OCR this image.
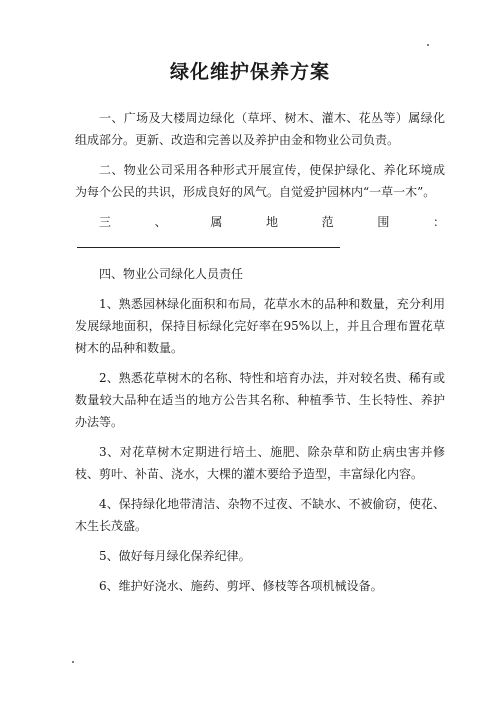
绿化维护保养方案

一、广场及大楼周边绿化（草坪、树木、灌木、花丛等）属绿化组成部分。更新、改造和完善以及养护由金和物业公司负责。

二、物业公司采用各种形式开展宣传，使保护绿化、养化环境成为每个公民的共识，形成良好的风气。自觉爱护园林内“一草一木”。

三、属地范围：

四、物业公司绿化人员责任

1、熟悉园林绿化面积和布局，花草水木的品种和数量，充分利用发展绿地面积，保持目标绿化完好率在95%以上，并且合理布置花草树木的品种和数量。

2、熟悉花草树木的名称、特性和培育办法，并对较名贵、稀有或数量较大品种在适当的地方公告其名称、种植季节、生长特性、养护办法等。

3、对花草树木定期进行培土、施肥、除杂草和防止病虫害并修枝、剪叶、补苗、浇水，大棵的灌木要给予造型，丰富绿化内容。

4、保持绿化地带清洁、杂物不过夜、不缺水、不被偷窃，使花、木生长茂盛。

5、做好每月绿化保养纪律。

6、维护好浇水、施药、剪坪、修枝等各项机械设备。
